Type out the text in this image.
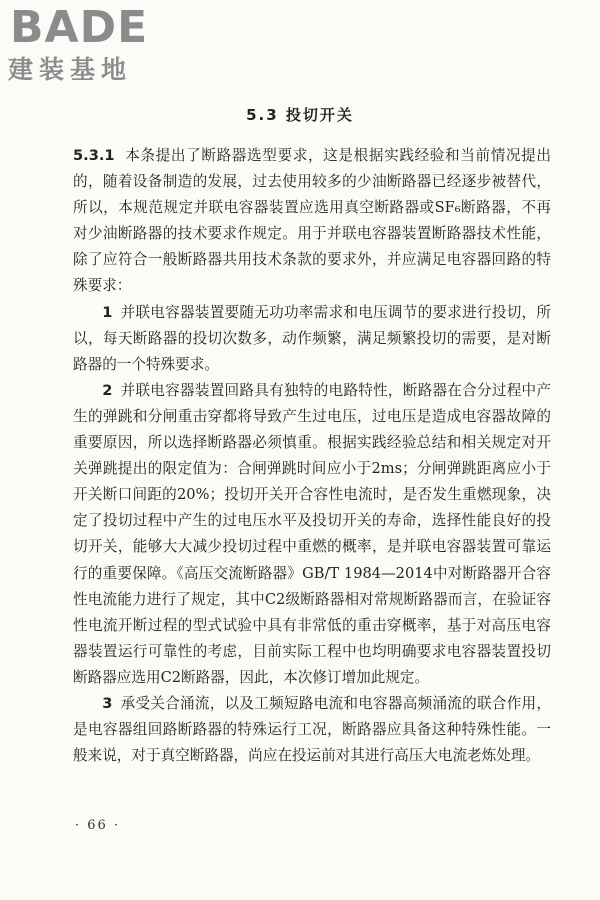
BADE
建装基地
5.3 投切开关

5.3.1 本条提出了断路器选型要求，这是根据实践经验和当前情况提出的，随着设备制造的发展，过去使用较多的少油断路器已经逐步被替代，所以，本规范规定并联电容器装置应选用真空断路器或SF₆断路器，不再对少油断路器的技术要求作规定。用于并联电容器装置断路器技术性能，除了应符合一般断路器共用技术条款的要求外，并应满足电容器回路的特殊要求：

1 并联电容器装置要随无功功率需求和电压调节的要求进行投切，所以，每天断路器的投切次数多，动作频繁，满足频繁投切的需要，是对断路器的一个特殊要求。

2 并联电容器装置回路具有独特的电路特性，断路器在合分过程中产生的弹跳和分闸重击穿都将导致产生过电压，过电压是造成电容器故障的重要原因，所以选择断路器必须慎重。根据实践经验总结和相关规定对开关弹跳提出的限定值为：合闸弹跳时间应小于2ms；分闸弹跳距离应小于开关断口间距的20%；投切开关开合容性电流时，是否发生重燃现象，决定了投切过程中产生的过电压水平及投切开关的寿命，选择性能良好的投切开关，能够大大减少投切过程中重燃的概率，是并联电容器装置可靠运行的重要保障。《高压交流断路器》GB/T 1984—2014中对断路器开合容性电流能力进行了规定，其中C2级断路器相对常规断路器而言，在验证容性电流开断过程的型式试验中具有非常低的重击穿概率，基于对高压电容器装置运行可靠性的考虑，目前实际工程中也均明确要求电容器装置投切断路器应选用C2断路器，因此，本次修订增加此规定。

3 承受关合涌流，以及工频短路电流和电容器高频涌流的联合作用，是电容器组回路断路器的特殊运行工况，断路器应具备这种特殊性能。一般来说，对于真空断路器，尚应在投运前对其进行高压大电流老炼处理。

· 66 ·
